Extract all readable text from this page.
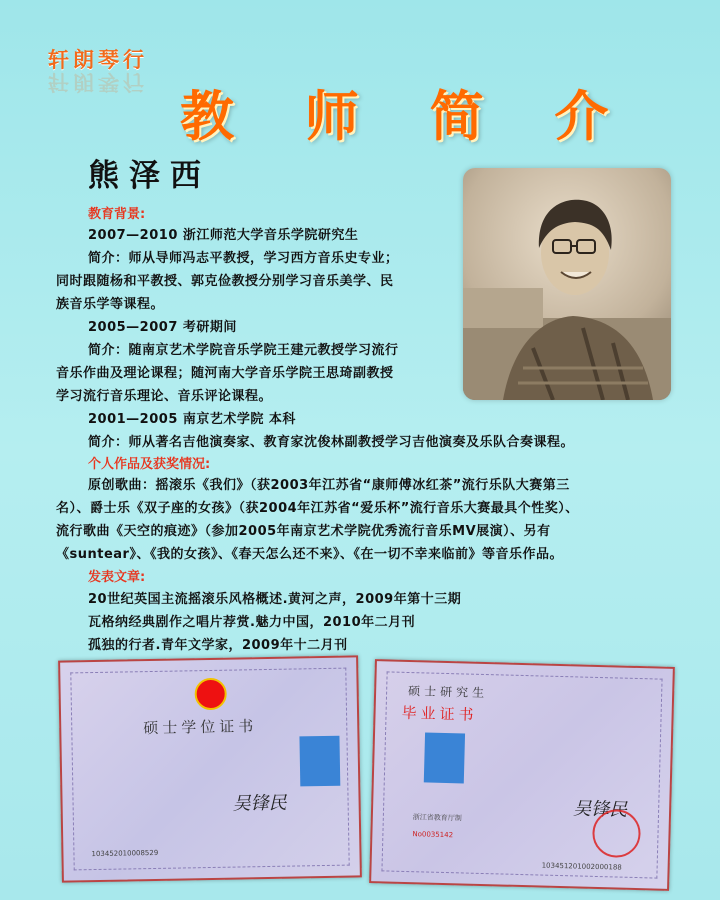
轩朗琴行
轩朗琴行
教 师 简 介
熊泽西
教育背景:
2007—2010 浙江师范大学音乐学院研究生
简介：师从导师冯志平教授，学习西方音乐史专业；
同时跟随杨和平教授、郭克俭教授分别学习音乐美学、民
族音乐学等课程。
2005—2007 考研期间
简介：随南京艺术学院音乐学院王建元教授学习流行
音乐作曲及理论课程；随河南大学音乐学院王思琦副教授
学习流行音乐理论、音乐评论课程。
2001—2005 南京艺术学院 本科
简介：师从著名吉他演奏家、教育家沈俊林副教授学习吉他演奏及乐队合奏课程。
个人作品及获奖情况:
原创歌曲：摇滚乐《我们》（获2003年江苏省“康师傅冰红茶”流行乐队大赛第三
名）、爵士乐《双子座的女孩》（获2004年江苏省“爱乐杯”流行音乐大赛最具个性奖）、
流行歌曲《天空的痕迹》（参加2005年南京艺术学院优秀流行音乐MV展演）、另有
《suntear》、《我的女孩》、《春天怎么还不来》、《在一切不幸来临前》等音乐作品。
发表文章:
20世纪英国主流摇滚乐风格概述.黄河之声，2009年第十三期
瓦格纳经典剧作之唱片荐赏.魅力中国，2010年二月刊
孤独的行者.青年文学家，2009年十二月刊
硕士学位证书
吴锋民
103452010008529
硕士研究生
毕业证书
浙江省教育厅制
No0035142
吴锋民
103451201002000188
